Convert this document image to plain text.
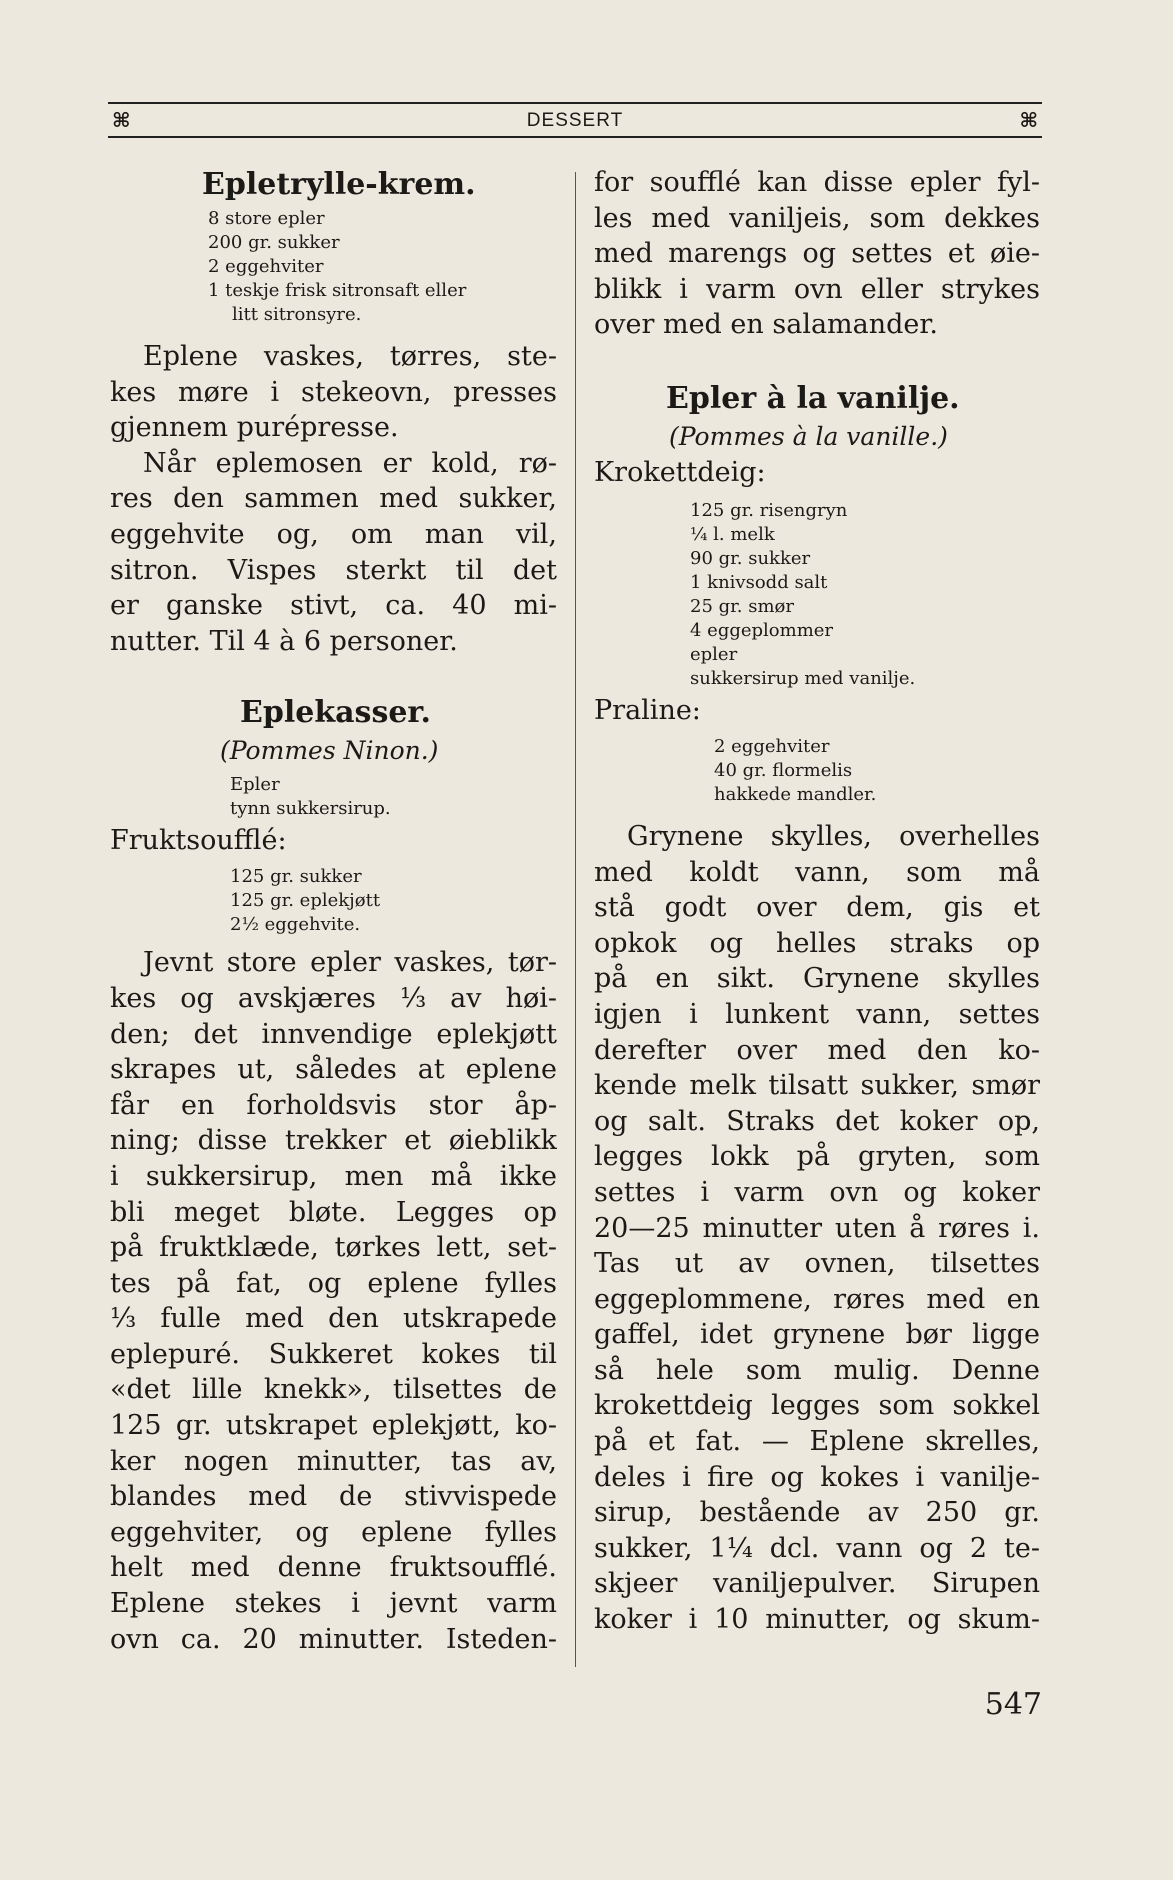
⌘	DESSERT	⌘
Epletrylle-krem.
8 store epler
200 gr. sukker
2 eggehviter
1 teskje frisk sitronsaft eller
litt sitronsyre.
Eplene vaskes, tørres, ste-
kes møre i stekeovn, presses
gjennem purépresse.
Når eplemosen er kold, rø-
res den sammen med sukker,
eggehvite og, om man vil,
sitron. Vispes sterkt til det
er ganske stivt, ca. 40 mi-
nutter. Til 4 à 6 personer.
Eplekasser.
(Pommes Ninon.)
Epler
tynn sukkersirup.
Fruktsoufflé:
125 gr. sukker
125 gr. eplekjøtt
2½ eggehvite.
Jevnt store epler vaskes, tør-
kes og avskjæres ⅓ av høi-
den; det innvendige eplekjøtt
skrapes ut, således at eplene
får en forholdsvis stor åp-
ning; disse trekker et øieblikk
i sukkersirup, men må ikke
bli meget bløte. Legges op
på fruktklæde, tørkes lett, set-
tes på fat, og eplene fylles
⅓ fulle med den utskrapede
eplepuré. Sukkeret kokes til
«det lille knekk», tilsettes de
125 gr. utskrapet eplekjøtt, ko-
ker nogen minutter, tas av,
blandes med de stivvispede
eggehviter, og eplene fylles
helt med denne fruktsoufflé.
Eplene stekes i jevnt varm
ovn ca. 20 minutter. Isteden-
for soufflé kan disse epler fyl-
les med vaniljeis, som dekkes
med marengs og settes et øie-
blikk i varm ovn eller strykes
over med en salamander.
Epler à la vanilje.
(Pommes à la vanille.)
Krokettdeig:
125 gr. risengryn
¼ l. melk
90 gr. sukker
1 knivsodd salt
25 gr. smør
4 eggeplommer
epler
sukkersirup med vanilje.
Praline:
2 eggehviter
40 gr. flormelis
hakkede mandler.
Grynene skylles, overhelles
med koldt vann, som må
stå godt over dem, gis et
opkok og helles straks op
på en sikt. Grynene skylles
igjen i lunkent vann, settes
derefter over med den ko-
kende melk tilsatt sukker, smør
og salt. Straks det koker op,
legges lokk på gryten, som
settes i varm ovn og koker
20—25 minutter uten å røres i.
Tas ut av ovnen, tilsettes
eggeplommene, røres med en
gaffel, idet grynene bør ligge
så hele som mulig. Denne
krokettdeig legges som sokkel
på et fat. — Eplene skrelles,
deles i fire og kokes i vanilje-
sirup, bestående av 250 gr.
sukker, 1¼ dcl. vann og 2 te-
skjeer vaniljepulver. Sirupen
koker i 10 minutter, og skum-
547
